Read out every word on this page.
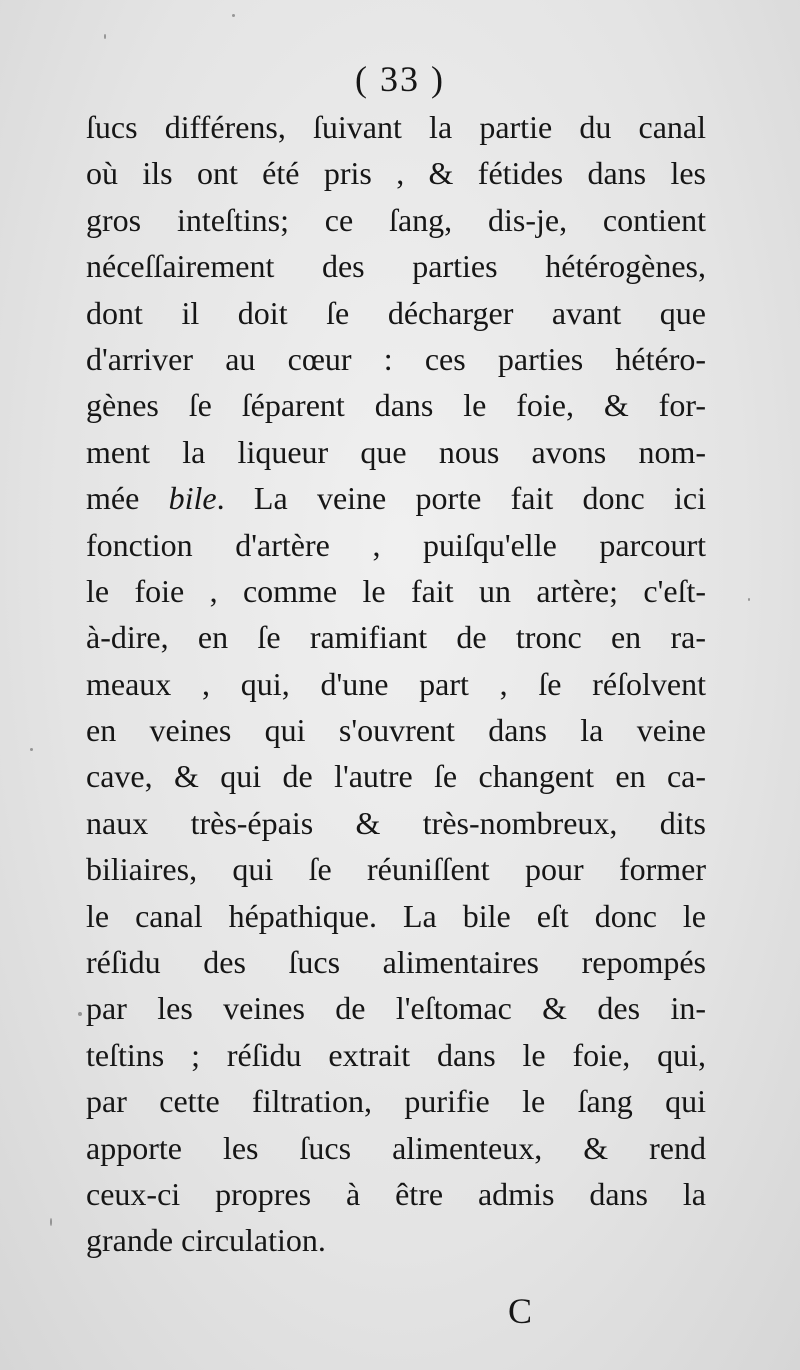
( 33 )
ſucs différens, ſuivant la partie du canal
où ils ont été pris , & fétides dans les
gros inteſtins; ce ſang, dis-je, contient
néceſſairement des parties hétérogènes,
dont il doit ſe décharger avant que
d'arriver au cœur : ces parties hétéro-
gènes ſe ſéparent dans le foie, & for-
ment la liqueur que nous avons nom-
mée bile. La veine porte fait donc ici
fonction d'artère , puiſqu'elle parcourt
le foie , comme le fait un artère; c'eſt-
à-dire, en ſe ramifiant de tronc en ra-
meaux , qui, d'une part , ſe réſolvent
en veines qui s'ouvrent dans la veine
cave, & qui de l'autre ſe changent en ca-
naux très-épais & très-nombreux, dits
biliaires, qui ſe réuniſſent pour former
le canal hépathique. La bile eſt donc le
réſidu des ſucs alimentaires repompés
par les veines de l'eſtomac & des in-
teſtins ; réſidu extrait dans le foie, qui,
par cette filtration, purifie le ſang qui
apporte les ſucs alimenteux, & rend
ceux-ci propres à être admis dans la
grande circulation.
C
